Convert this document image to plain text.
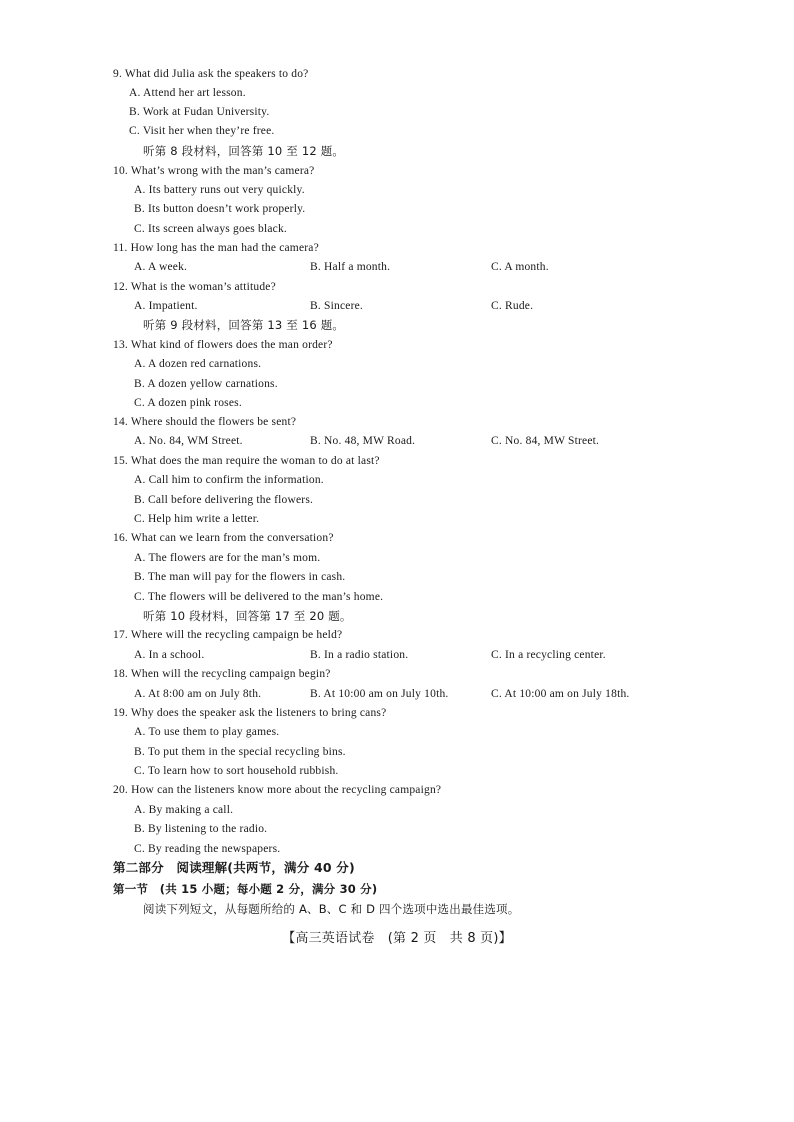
9. What did Julia ask the speakers to do?
A. Attend her art lesson.
B. Work at Fudan University.
C. Visit her when they’re free.
听第 8 段材料，回答第 10 至 12 题。
10. What’s wrong with the man’s camera?
A. Its battery runs out very quickly.
B. Its button doesn’t work properly.
C. Its screen always goes black.
11. How long has the man had the camera?
A. A week.	B. Half a month.	C. A month.
12. What is the woman’s attitude?
A. Impatient.	B. Sincere.	C. Rude.
听第 9 段材料，回答第 13 至 16 题。
13. What kind of flowers does the man order?
A. A dozen red carnations.
B. A dozen yellow carnations.
C. A dozen pink roses.
14. Where should the flowers be sent?
A. No. 84, WM Street.	B. No. 48, MW Road.	C. No. 84, MW Street.
15. What does the man require the woman to do at last?
A. Call him to confirm the information.
B. Call before delivering the flowers.
C. Help him write a letter.
16. What can we learn from the conversation?
A. The flowers are for the man’s mom.
B. The man will pay for the flowers in cash.
C. The flowers will be delivered to the man’s home.
听第 10 段材料，回答第 17 至 20 题。
17. Where will the recycling campaign be held?
A. In a school.	B. In a radio station.	C. In a recycling center.
18. When will the recycling campaign begin?
A. At 8:00 am on July 8th.	B. At 10:00 am on July 10th.	C. At 10:00 am on July 18th.
19. Why does the speaker ask the listeners to bring cans?
A. To use them to play games.
B. To put them in the special recycling bins.
C. To learn how to sort household rubbish.
20. How can the listeners know more about the recycling campaign?
A. By making a call.
B. By listening to the radio.
C. By reading the newspapers.
第二部分　阅读理解(共两节，满分 40 分)
第一节　(共 15 小题；每小题 2 分，满分 30 分)
阅读下列短文，从每题所给的 A、B、C 和 D 四个选项中选出最佳选项。
【高三英语试卷　(第 2 页　共 8 页)】
